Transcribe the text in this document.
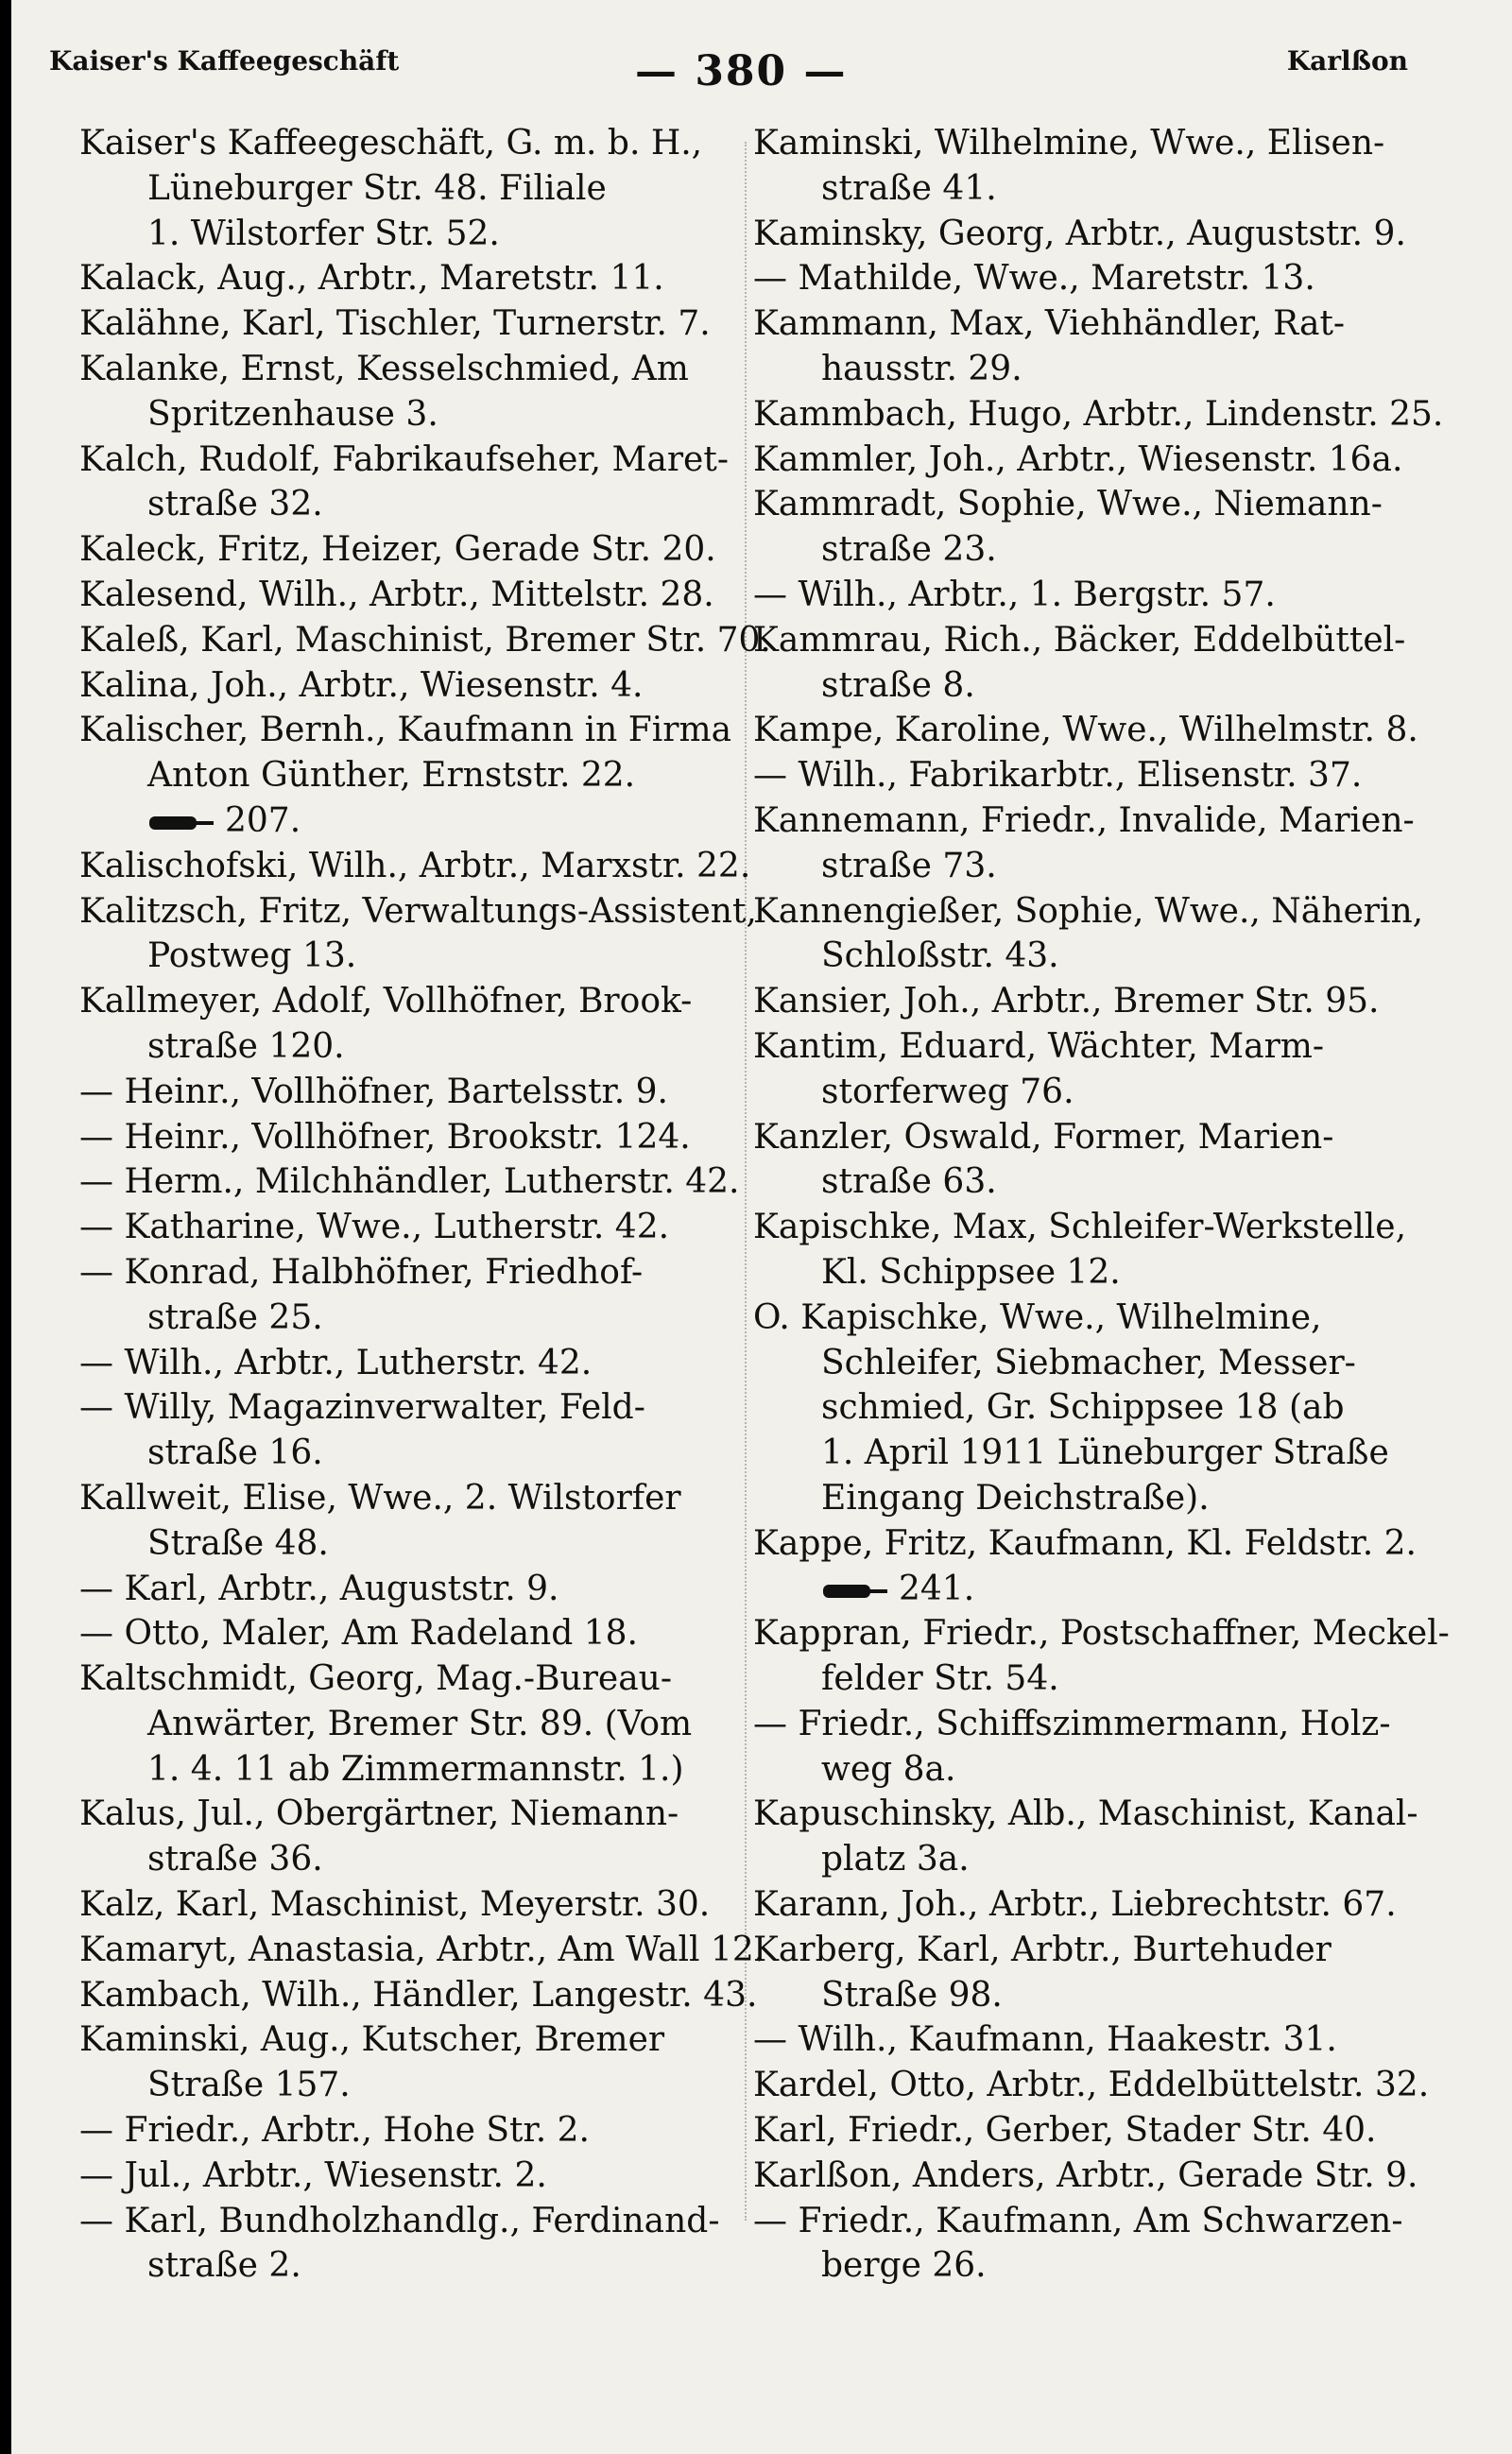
Kaiser's Kaffeegeschäft	— 380 —	Karlßon
Kaiser's Kaffeegeschäft, G. m. b. H.,
Lüneburger Str. 48. Filiale
1. Wilstorfer Str. 52.
Kalack, Aug., Arbtr., Maretstr. 11.
Kalähne, Karl, Tischler, Turnerstr. 7.
Kalanke, Ernst, Kesselschmied, Am
Spritzenhause 3.
Kalch, Rudolf, Fabrikaufseher, Maret-
straße 32.
Kaleck, Fritz, Heizer, Gerade Str. 20.
Kalesend, Wilh., Arbtr., Mittelstr. 28.
Kaleß, Karl, Maschinist, Bremer Str. 70.
Kalina, Joh., Arbtr., Wiesenstr. 4.
Kalischer, Bernh., Kaufmann in Firma
Anton Günther, Ernststr. 22.
207.
Kalischofski, Wilh., Arbtr., Marxstr. 22.
Kalitzsch, Fritz, Verwaltungs-Assistent,
Postweg 13.
Kallmeyer, Adolf, Vollhöfner, Brook-
straße 120.
— Heinr., Vollhöfner, Bartelsstr. 9.
— Heinr., Vollhöfner, Brookstr. 124.
— Herm., Milchhändler, Lutherstr. 42.
— Katharine, Wwe., Lutherstr. 42.
— Konrad, Halbhöfner, Friedhof-
straße 25.
— Wilh., Arbtr., Lutherstr. 42.
— Willy, Magazinverwalter, Feld-
straße 16.
Kallweit, Elise, Wwe., 2. Wilstorfer
Straße 48.
— Karl, Arbtr., Auguststr. 9.
— Otto, Maler, Am Radeland 18.
Kaltschmidt, Georg, Mag.-Bureau-
Anwärter, Bremer Str. 89. (Vom
1. 4. 11 ab Zimmermannstr. 1.)
Kalus, Jul., Obergärtner, Niemann-
straße 36.
Kalz, Karl, Maschinist, Meyerstr. 30.
Kamaryt, Anastasia, Arbtr., Am Wall 12.
Kambach, Wilh., Händler, Langestr. 43.
Kaminski, Aug., Kutscher, Bremer
Straße 157.
— Friedr., Arbtr., Hohe Str. 2.
— Jul., Arbtr., Wiesenstr. 2.
— Karl, Bundholzhandlg., Ferdinand-
straße 2.
Kaminski, Wilhelmine, Wwe., Elisen-
straße 41.
Kaminsky, Georg, Arbtr., Auguststr. 9.
— Mathilde, Wwe., Maretstr. 13.
Kammann, Max, Viehhändler, Rat-
hausstr. 29.
Kammbach, Hugo, Arbtr., Lindenstr. 25.
Kammler, Joh., Arbtr., Wiesenstr. 16a.
Kammradt, Sophie, Wwe., Niemann-
straße 23.
— Wilh., Arbtr., 1. Bergstr. 57.
Kammrau, Rich., Bäcker, Eddelbüttel-
straße 8.
Kampe, Karoline, Wwe., Wilhelmstr. 8.
— Wilh., Fabrikarbtr., Elisenstr. 37.
Kannemann, Friedr., Invalide, Marien-
straße 73.
Kannengießer, Sophie, Wwe., Näherin,
Schloßstr. 43.
Kansier, Joh., Arbtr., Bremer Str. 95.
Kantim, Eduard, Wächter, Marm-
storferweg 76.
Kanzler, Oswald, Former, Marien-
straße 63.
Kapischke, Max, Schleifer-Werkstelle,
Kl. Schippsee 12.
O. Kapischke, Wwe., Wilhelmine,
Schleifer, Siebmacher, Messer-
schmied, Gr. Schippsee 18 (ab
1. April 1911 Lüneburger Straße
Eingang Deichstraße).
Kappe, Fritz, Kaufmann, Kl. Feldstr. 2.
241.
Kappran, Friedr., Postschaffner, Meckel-
felder Str. 54.
— Friedr., Schiffszimmermann, Holz-
weg 8a.
Kapuschinsky, Alb., Maschinist, Kanal-
platz 3a.
Karann, Joh., Arbtr., Liebrechtstr. 67.
Karberg, Karl, Arbtr., Burtehuder
Straße 98.
— Wilh., Kaufmann, Haakestr. 31.
Kardel, Otto, Arbtr., Eddelbüttelstr. 32.
Karl, Friedr., Gerber, Stader Str. 40.
Karlßon, Anders, Arbtr., Gerade Str. 9.
— Friedr., Kaufmann, Am Schwarzen-
berge 26.
